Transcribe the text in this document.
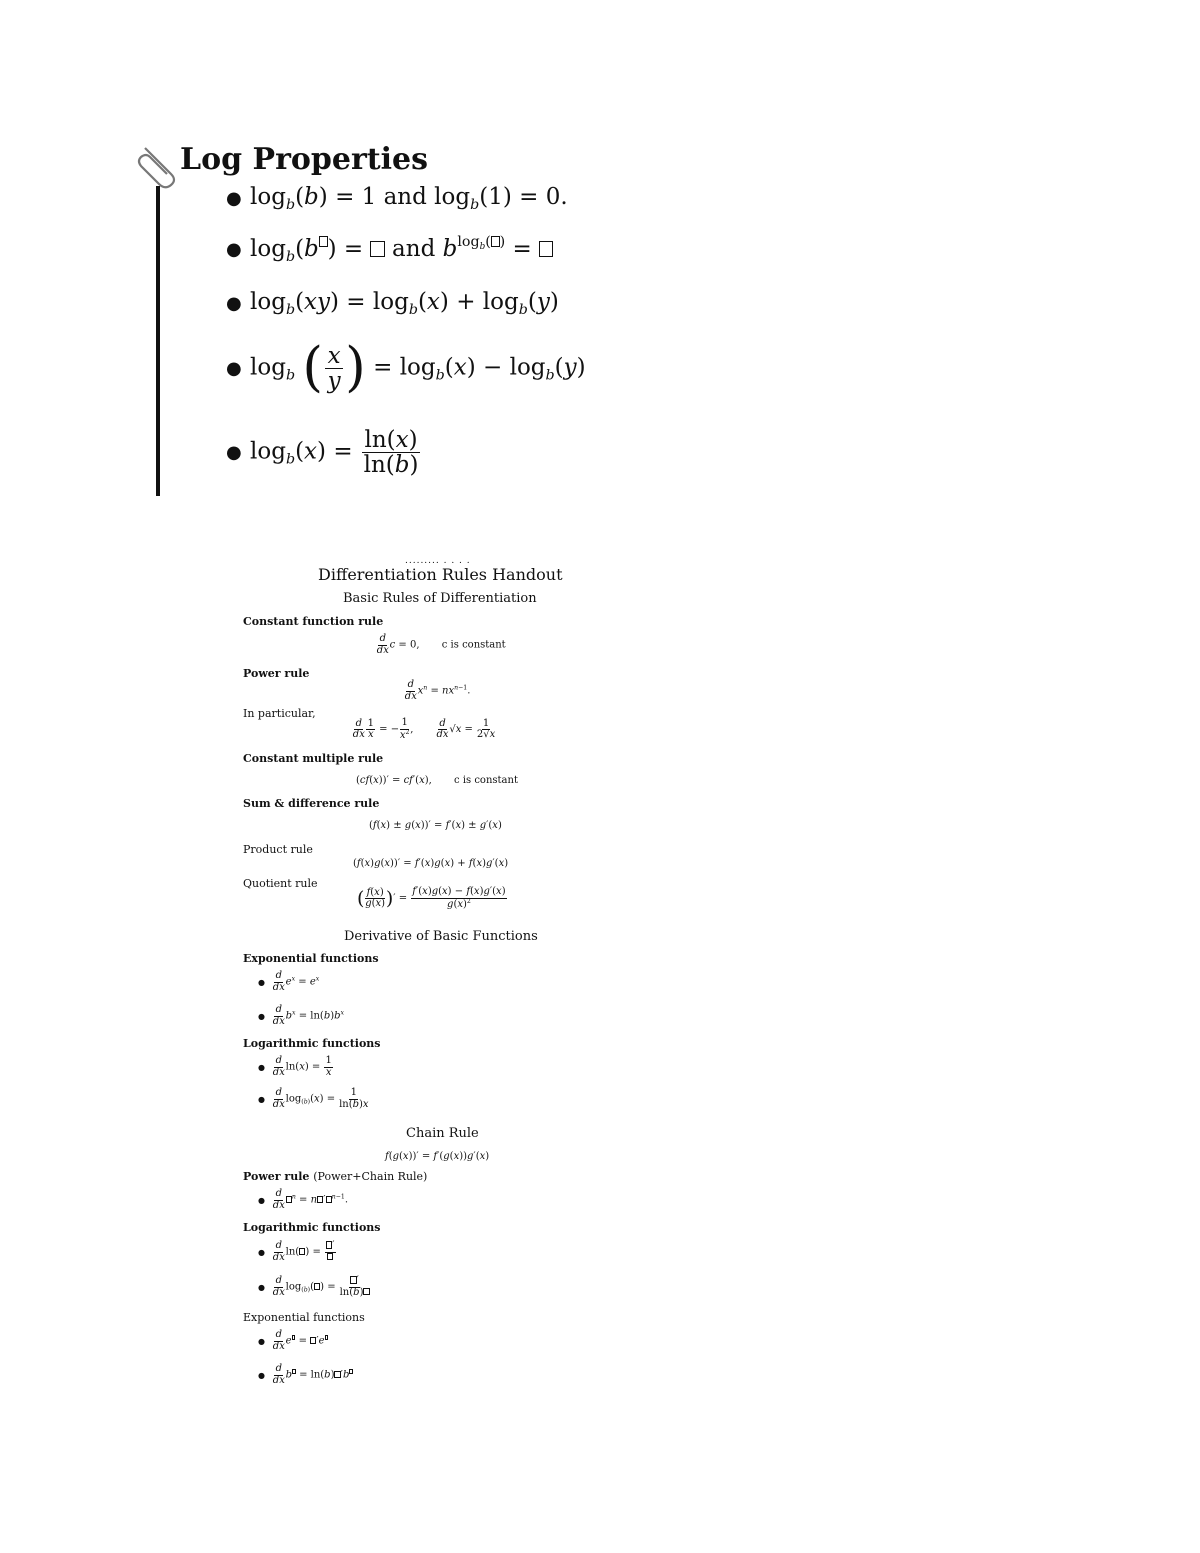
Log Properties
● $\log_b(b) = 1$ and $\log_b(1) = 0$.
● $\log_b(b$ ) =  and $b^{log_b( )}$ =
● $\log_b(xy) = \log_b(x) + \log_b(y)$
● $\log_b$ ( $\frac{x}{y}$ ) = $\log_b(x) - \log_b(y)$
● $\log_b(x) = \frac{\ln(x)}{\ln(b)}$
......... . . . .
Differentiation Rules Handout
Basic Rules of Differentiation
Constant function rule
$\frac{d}{dx}$ c = 0,       c is constant
Power rule
$\frac{d}{dx} x^n = nx^{n-1}$.
In particular,
$\frac{d}{dx} \frac{1}{x}$ = − $\frac{1}{x^2}$ , $\frac{d}{dx} √x = \frac{1}{2√x}$
Constant multiple rule
(cf(x))′ = cf′(x),       c is constant
Sum & difference rule
(f(x) ± g(x))′ = f′(x) ± g′(x)
Product rule
(f(x)g(x))′ = f′(x)g(x) + f(x)g′(x)
Quotient rule
( $\frac{f(x)}{g(x)}$ )′ = $\frac{f'(x)g(x) - f(x)g'(x)}{g(x)^2}$
Derivative of Basic Functions
Exponential functions
● $\frac{d}{dx} e^x = e^x$
● $\frac{d}{dx} b^x = \ln(b)b^x$
Logarithmic functions
● $\frac{d}{dx} \ln(x) = \frac{1}{x}$
● $\frac{d}{dx} \log_{(b)}(x) = \frac{1}{\ln(b)x}$
Chain Rule
f(g(x))′ = f′(g(x))g′(x)
Power rule (Power+Chain Rule)
● $\frac{d}{dx} ^n = n$ ′ $^{n-1}$.
Logarithmic functions
● $\frac{d}{dx} \ln$( ) =
′
● $\frac{d}{dx} \log_{(b)}$( ) = $\frac{'}{\ln(b)}$
Exponential functions
● $\frac{d}{dx}$ e = ′e
● $\frac{d}{dx}$ b = ln(b) ′b
